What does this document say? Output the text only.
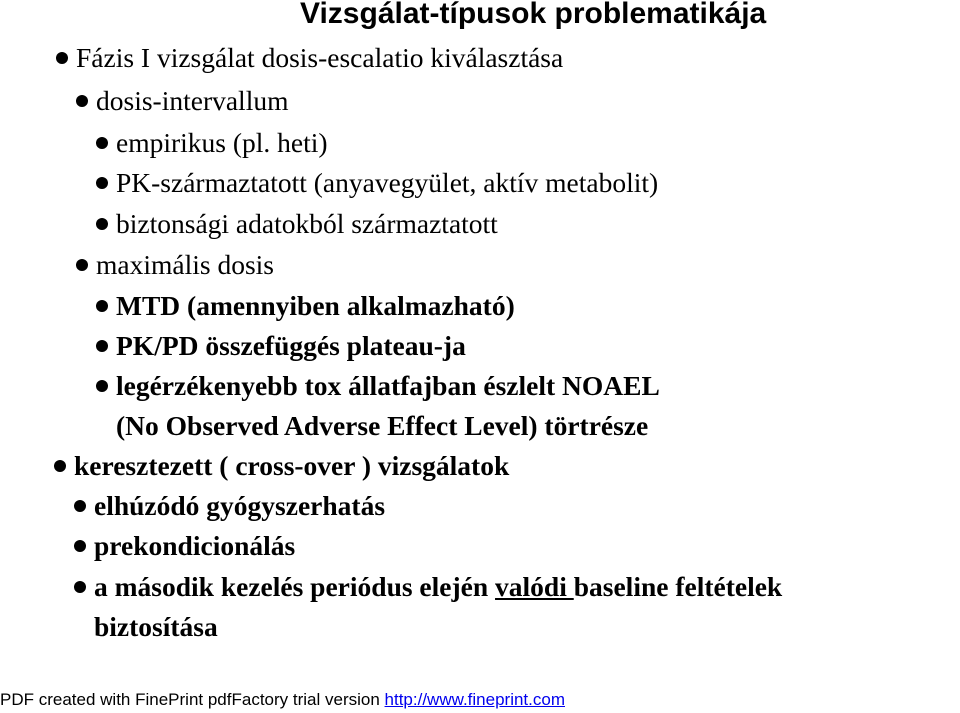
Vizsgálat-típusok problematikája
Fázis I vizsgálat dosis-escalatio kiválasztása
dosis-intervallum
empirikus (pl. heti)
PK-származtatott (anyavegyület, aktív metabolit)
biztonsági adatokból származtatott
maximális dosis
MTD (amennyiben alkalmazható)
PK/PD összefüggés plateau-ja
legérzékenyebb tox állatfajban észlelt NOAEL
(No Observed Adverse Effect Level) törtrésze
keresztezett ( cross-over ) vizsgálatok
elhúzódó gyógyszerhatás
prekondicionálás
a második kezelés periódus elején valódi baseline feltételek
biztosítása
PDF created with FinePrint pdfFactory trial version http://www.fineprint.com
